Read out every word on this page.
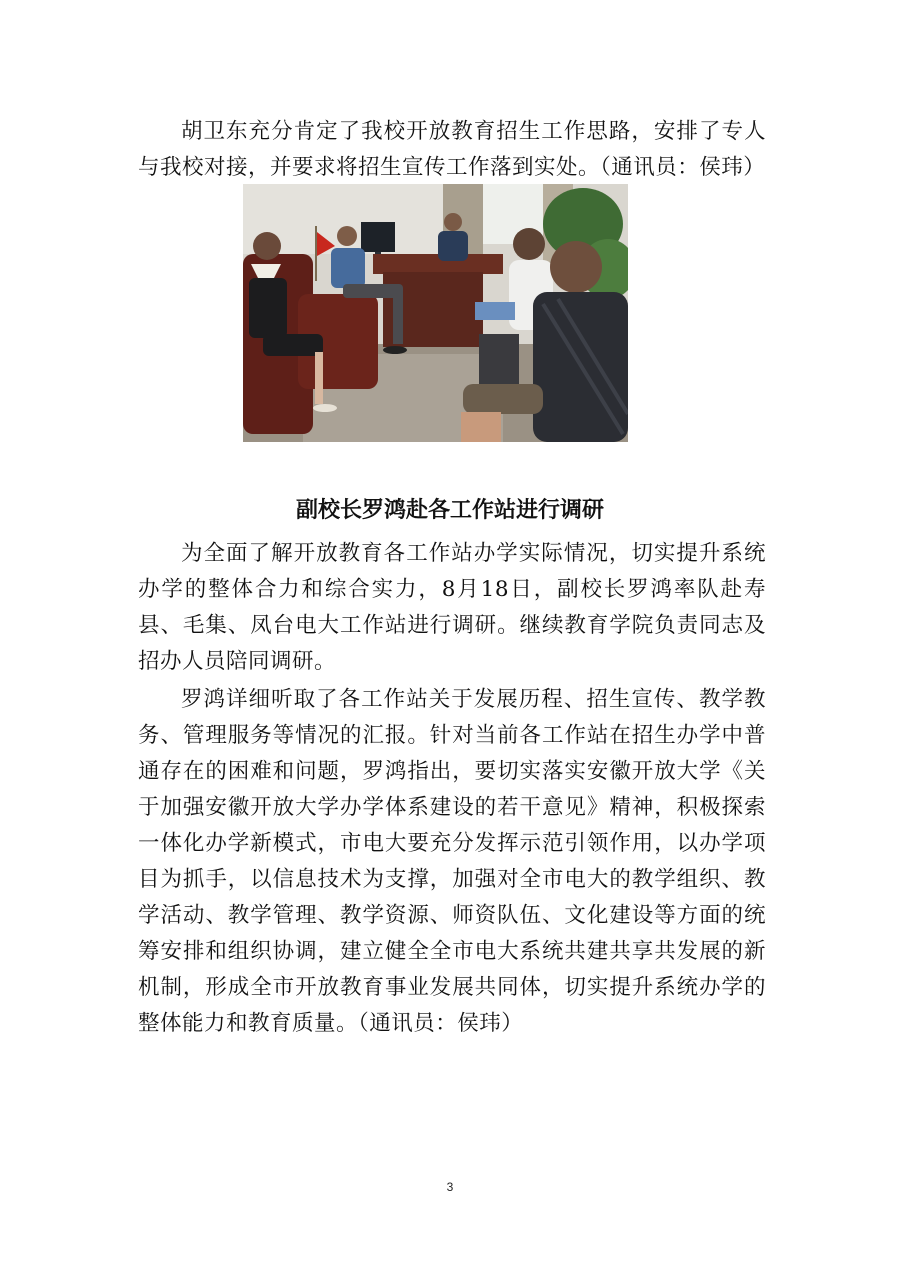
胡卫东充分肯定了我校开放教育招生工作思路，安排了专人与我校对接，并要求将招生宣传工作落到实处。（通讯员：侯玮）

副校长罗鸿赴各工作站进行调研

为全面了解开放教育各工作站办学实际情况，切实提升系统办学的整体合力和综合实力，8月18日，副校长罗鸿率队赴寿县、毛集、凤台电大工作站进行调研。继续教育学院负责同志及招办人员陪同调研。

罗鸿详细听取了各工作站关于发展历程、招生宣传、教学教务、管理服务等情况的汇报。针对当前各工作站在招生办学中普通存在的困难和问题，罗鸿指出，要切实落实安徽开放大学《关于加强安徽开放大学办学体系建设的若干意见》精神，积极探索一体化办学新模式，市电大要充分发挥示范引领作用，以办学项目为抓手，以信息技术为支撑，加强对全市电大的教学组织、教学活动、教学管理、教学资源、师资队伍、文化建设等方面的统筹安排和组织协调，建立健全全市电大系统共建共享共发展的新机制，形成全市开放教育事业发展共同体，切实提升系统办学的整体能力和教育质量。（通讯员：侯玮）

3
